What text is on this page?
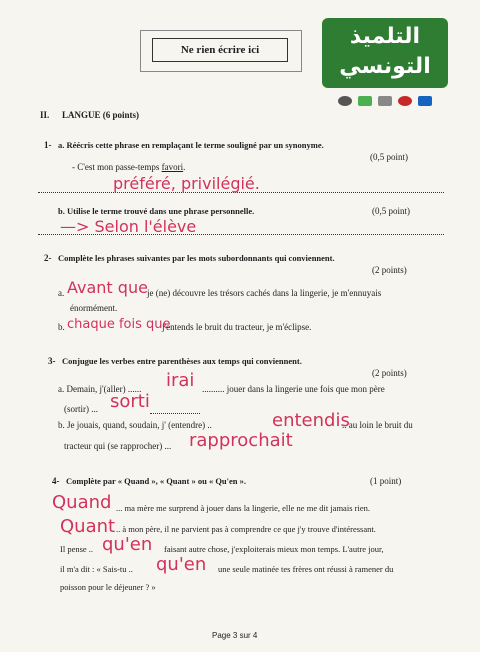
Ne rien écrire ici
التلميذ
التونسي
II. LANGUE (6 points)
1- a. Réécris cette phrase en remplaçant le terme souligné par un synonyme.
(0,5 point)
- C'est mon passe-temps favori.
préféré, privilégié.
b. Utilise le terme trouvé dans une phrase personnelle.	(0,5 point)
—> Selon l'élève
2- Complète les phrases suivantes par les mots subordonnants qui conviennent.
(2 points)
a. Avant que je (ne) découvre les trésors cachés dans la lingerie, je m'ennuyais
énormément.
b. chaque fois que
j'entends le bruit du tracteur, je m'éclipse.
3- Conjugue les verbes entre parenthèses aux temps qui conviennent.
(2 points)
a. Demain, j'(aller) ...... irai .......... jouer dans la lingerie une fois que mon père
(sortir) ... sorti
b. Je jouais, quand, soudain, j' (entendre) ..	entendis
.. au loin le bruit du
tracteur qui (se rapprocher) ... rapprochait
4- Complète par « Quand », « Quant » ou « Qu'en ».	(1 point)
Quand ... ma mère me surprend à jouer dans la lingerie, elle ne me dit jamais rien.
Quant .. à mon père, il ne parvient pas à comprendre ce que j'y trouve d'intéressant.
Il pense .. qu'en faisant autre chose, j'exploiterais mieux mon temps. L'autre jour,
il m'a dit : « Sais-tu .. qu'en une seule matinée tes frères ont réussi à ramener du
poisson pour le déjeuner ? »
Page 3 sur 4
